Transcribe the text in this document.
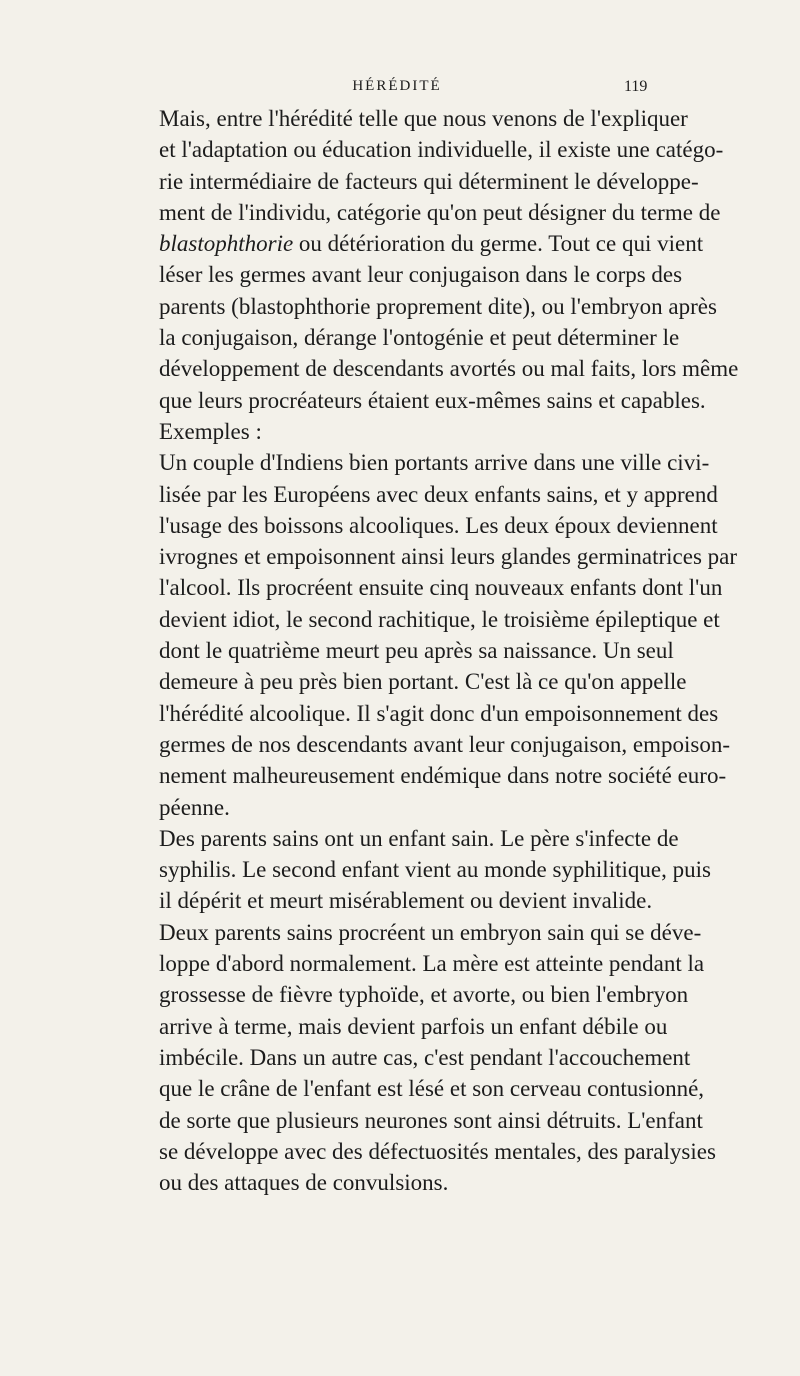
HÉRÉDITÉ	119

Mais, entre l'hérédité telle que nous venons de l'expliquer
et l'adaptation ou éducation individuelle, il existe une catégo-
rie intermédiaire de facteurs qui déterminent le développe-
ment de l'individu, catégorie qu'on peut désigner du terme de
blastophthorie ou détérioration du germe. Tout ce qui vient
léser les germes avant leur conjugaison dans le corps des
parents (blastophthorie proprement dite), ou l'embryon après
la conjugaison, dérange l'ontogénie et peut déterminer le
développement de descendants avortés ou mal faits, lors même
que leurs procréateurs étaient eux-mêmes sains et capables.
Exemples :

Un couple d'Indiens bien portants arrive dans une ville civi-
lisée par les Européens avec deux enfants sains, et y apprend
l'usage des boissons alcooliques. Les deux époux deviennent
ivrognes et empoisonnent ainsi leurs glandes germinatrices par
l'alcool. Ils procréent ensuite cinq nouveaux enfants dont l'un
devient idiot, le second rachitique, le troisième épileptique et
dont le quatrième meurt peu après sa naissance. Un seul
demeure à peu près bien portant. C'est là ce qu'on appelle
l'hérédité alcoolique. Il s'agit donc d'un empoisonnement des
germes de nos descendants avant leur conjugaison, empoison-
nement malheureusement endémique dans notre société euro-
péenne.

Des parents sains ont un enfant sain. Le père s'infecte de
syphilis. Le second enfant vient au monde syphilitique, puis
il dépérit et meurt misérablement ou devient invalide.

Deux parents sains procréent un embryon sain qui se déve-
loppe d'abord normalement. La mère est atteinte pendant la
grossesse de fièvre typhoïde, et avorte, ou bien l'embryon
arrive à terme, mais devient parfois un enfant débile ou
imbécile. Dans un autre cas, c'est pendant l'accouchement
que le crâne de l'enfant est lésé et son cerveau contusionné,
de sorte que plusieurs neurones sont ainsi détruits. L'enfant
se développe avec des défectuosités mentales, des paralysies
ou des attaques de convulsions.
